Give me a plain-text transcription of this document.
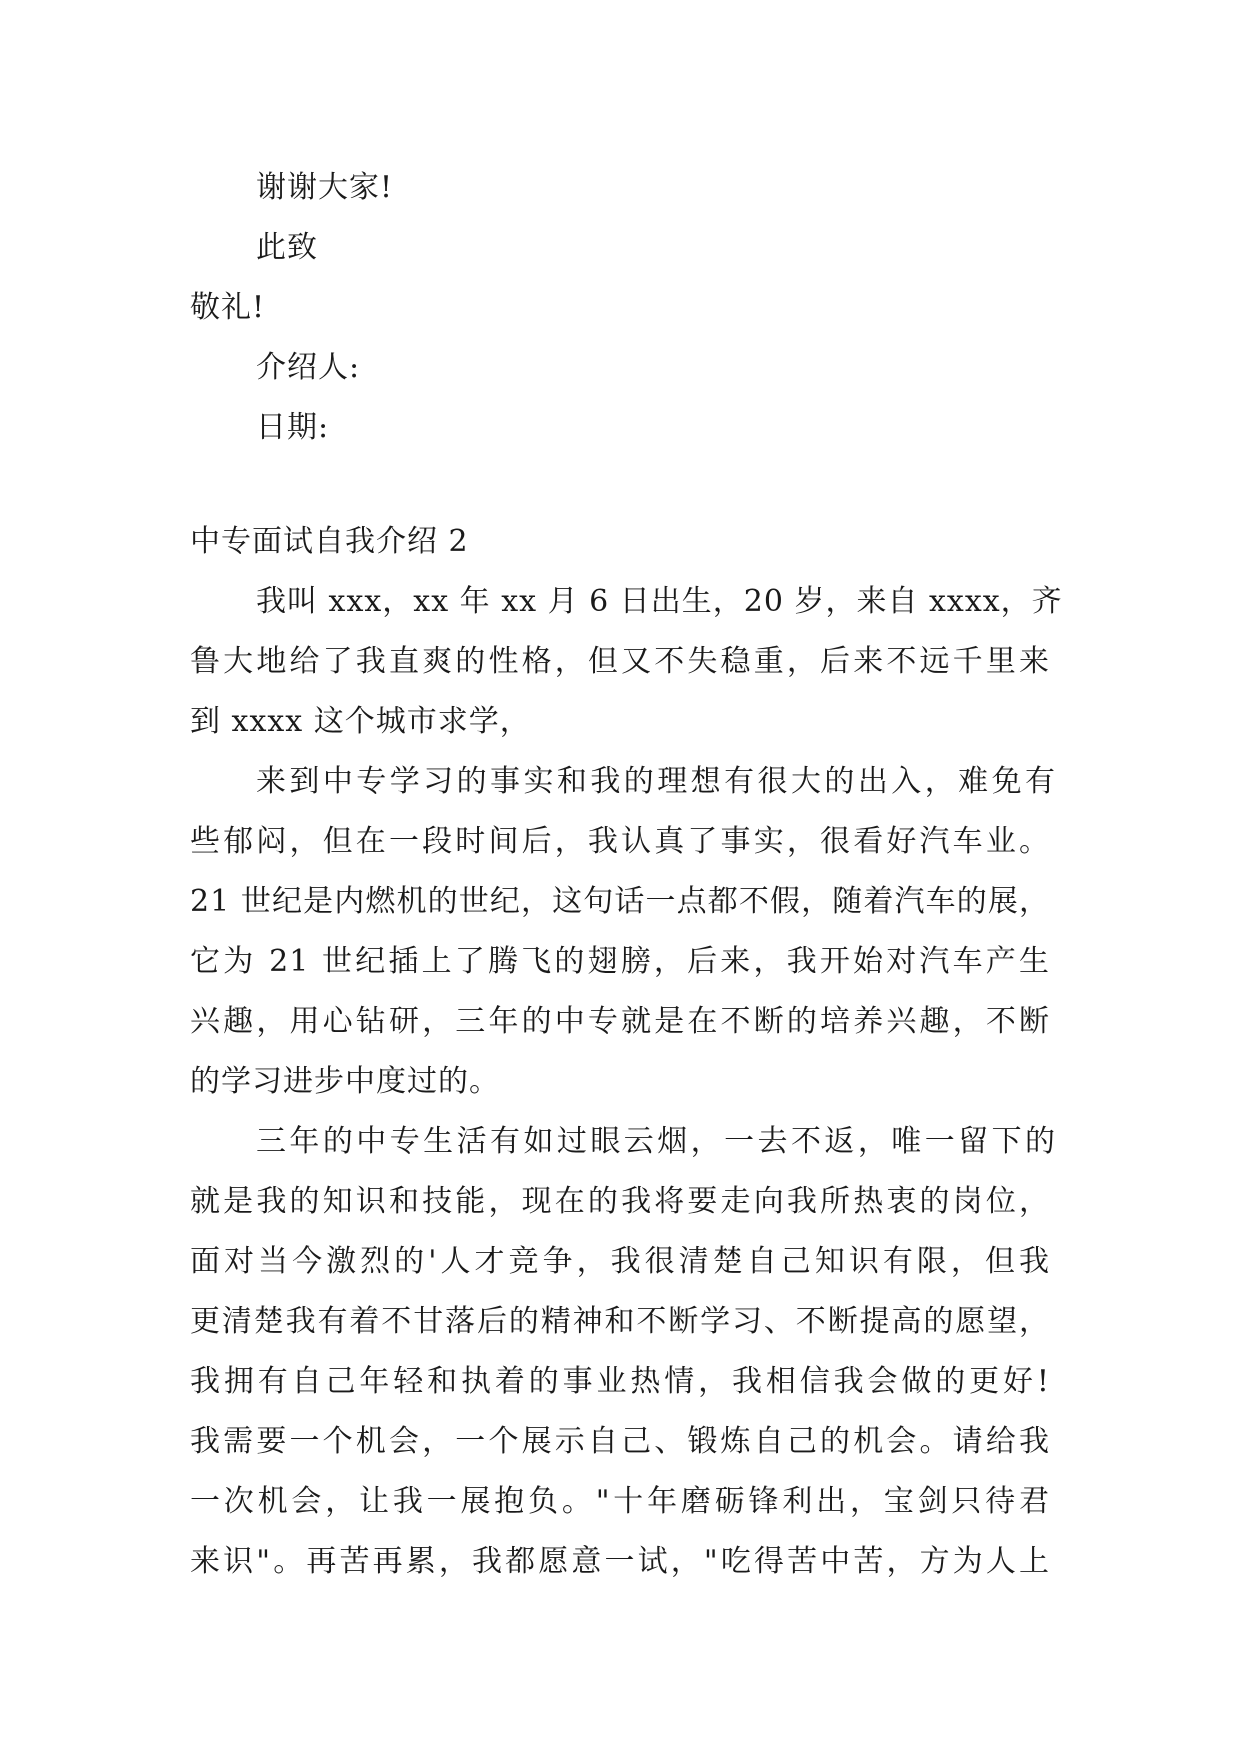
谢谢大家!
此致
敬礼!
介绍人:
日期:
中专面试自我介绍 2
我叫 xxx，xx 年 xx 月 6 日出生，20 岁，来自 xxxx，齐
鲁大地给了我直爽的性格，但又不失稳重，后来不远千里来
到 xxxx 这个城市求学，
来到中专学习的事实和我的理想有很大的出入，难免有
些郁闷，但在一段时间后，我认真了事实，很看好汽车业。
21 世纪是内燃机的世纪，这句话一点都不假，随着汽车的展，
它为 21 世纪插上了腾飞的翅膀，后来，我开始对汽车产生
兴趣，用心钻研，三年的中专就是在不断的培养兴趣，不断
的学习进步中度过的。
三年的中专生活有如过眼云烟，一去不返，唯一留下的
就是我的知识和技能，现在的我将要走向我所热衷的岗位，
面对当今激烈的'人才竞争，我很清楚自己知识有限，但我
更清楚我有着不甘落后的精神和不断学习、不断提高的愿望，
我拥有自己年轻和执着的事业热情，我相信我会做的更好!
我需要一个机会，一个展示自己、锻炼自己的机会。请给我
一次机会，让我一展抱负。"十年磨砺锋利出，宝剑只待君
来识"。再苦再累，我都愿意一试，"吃得苦中苦，方为人上
